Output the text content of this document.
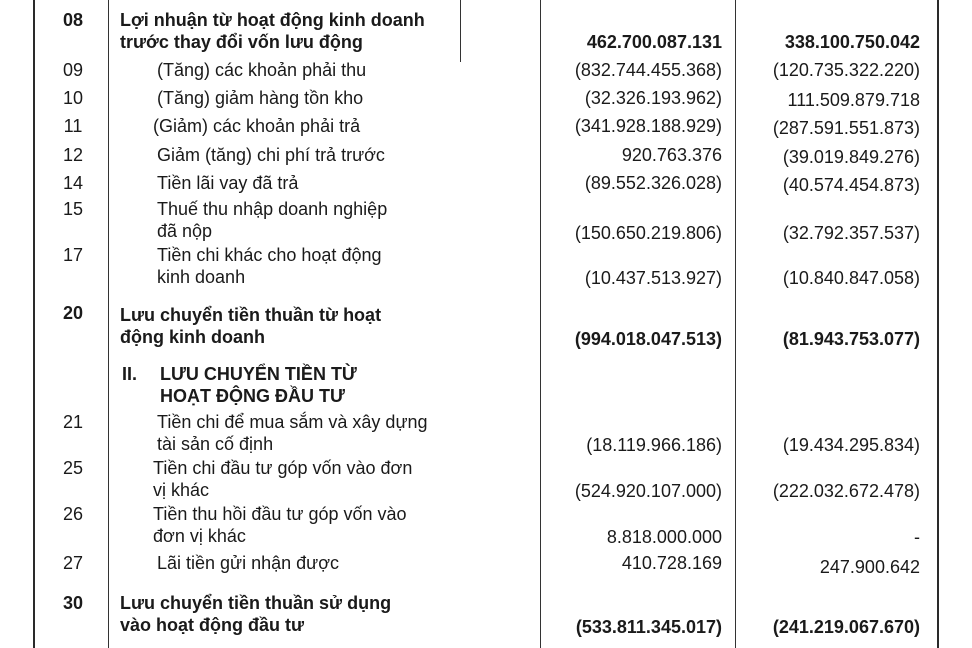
08	Lợi nhuận từ hoạt động kinh doanh
trước thay đổi vốn lưu động	462.700.087.131	338.100.750.042
09	(Tăng) các khoản phải thu	(832.744.455.368)	(120.735.322.220)
10	(Tăng) giảm hàng tồn kho	(32.326.193.962)	111.509.879.718
11	(Giảm) các khoản phải trả	(341.928.188.929)	(287.591.551.873)
12	Giảm (tăng) chi phí trả trước	920.763.376	(39.019.849.276)
14	Tiền lãi vay đã trả	(89.552.326.028)	(40.574.454.873)
15	Thuế thu nhập doanh nghiệp
đã nộp	(150.650.219.806)	(32.792.357.537)
17	Tiền chi khác cho hoạt động
kinh doanh	(10.437.513.927)	(10.840.847.058)
20	Lưu chuyển tiền thuần từ hoạt
động kinh doanh	(994.018.047.513)	(81.943.753.077)
II. LƯU CHUYỂN TIỀN TỪ
HOẠT ĐỘNG ĐẦU TƯ
21	Tiền chi để mua sắm và xây dựng
tài sản cố định	(18.119.966.186)	(19.434.295.834)
25	Tiền chi đầu tư góp vốn vào đơn
vị khác	(524.920.107.000)	(222.032.672.478)
26	Tiền thu hồi đầu tư góp vốn vào
đơn vị khác	8.818.000.000	-
27	Lãi tiền gửi nhận được	410.728.169	247.900.642
30	Lưu chuyển tiền thuần sử dụng
vào hoạt động đầu tư	(533.811.345.017)	(241.219.067.670)
